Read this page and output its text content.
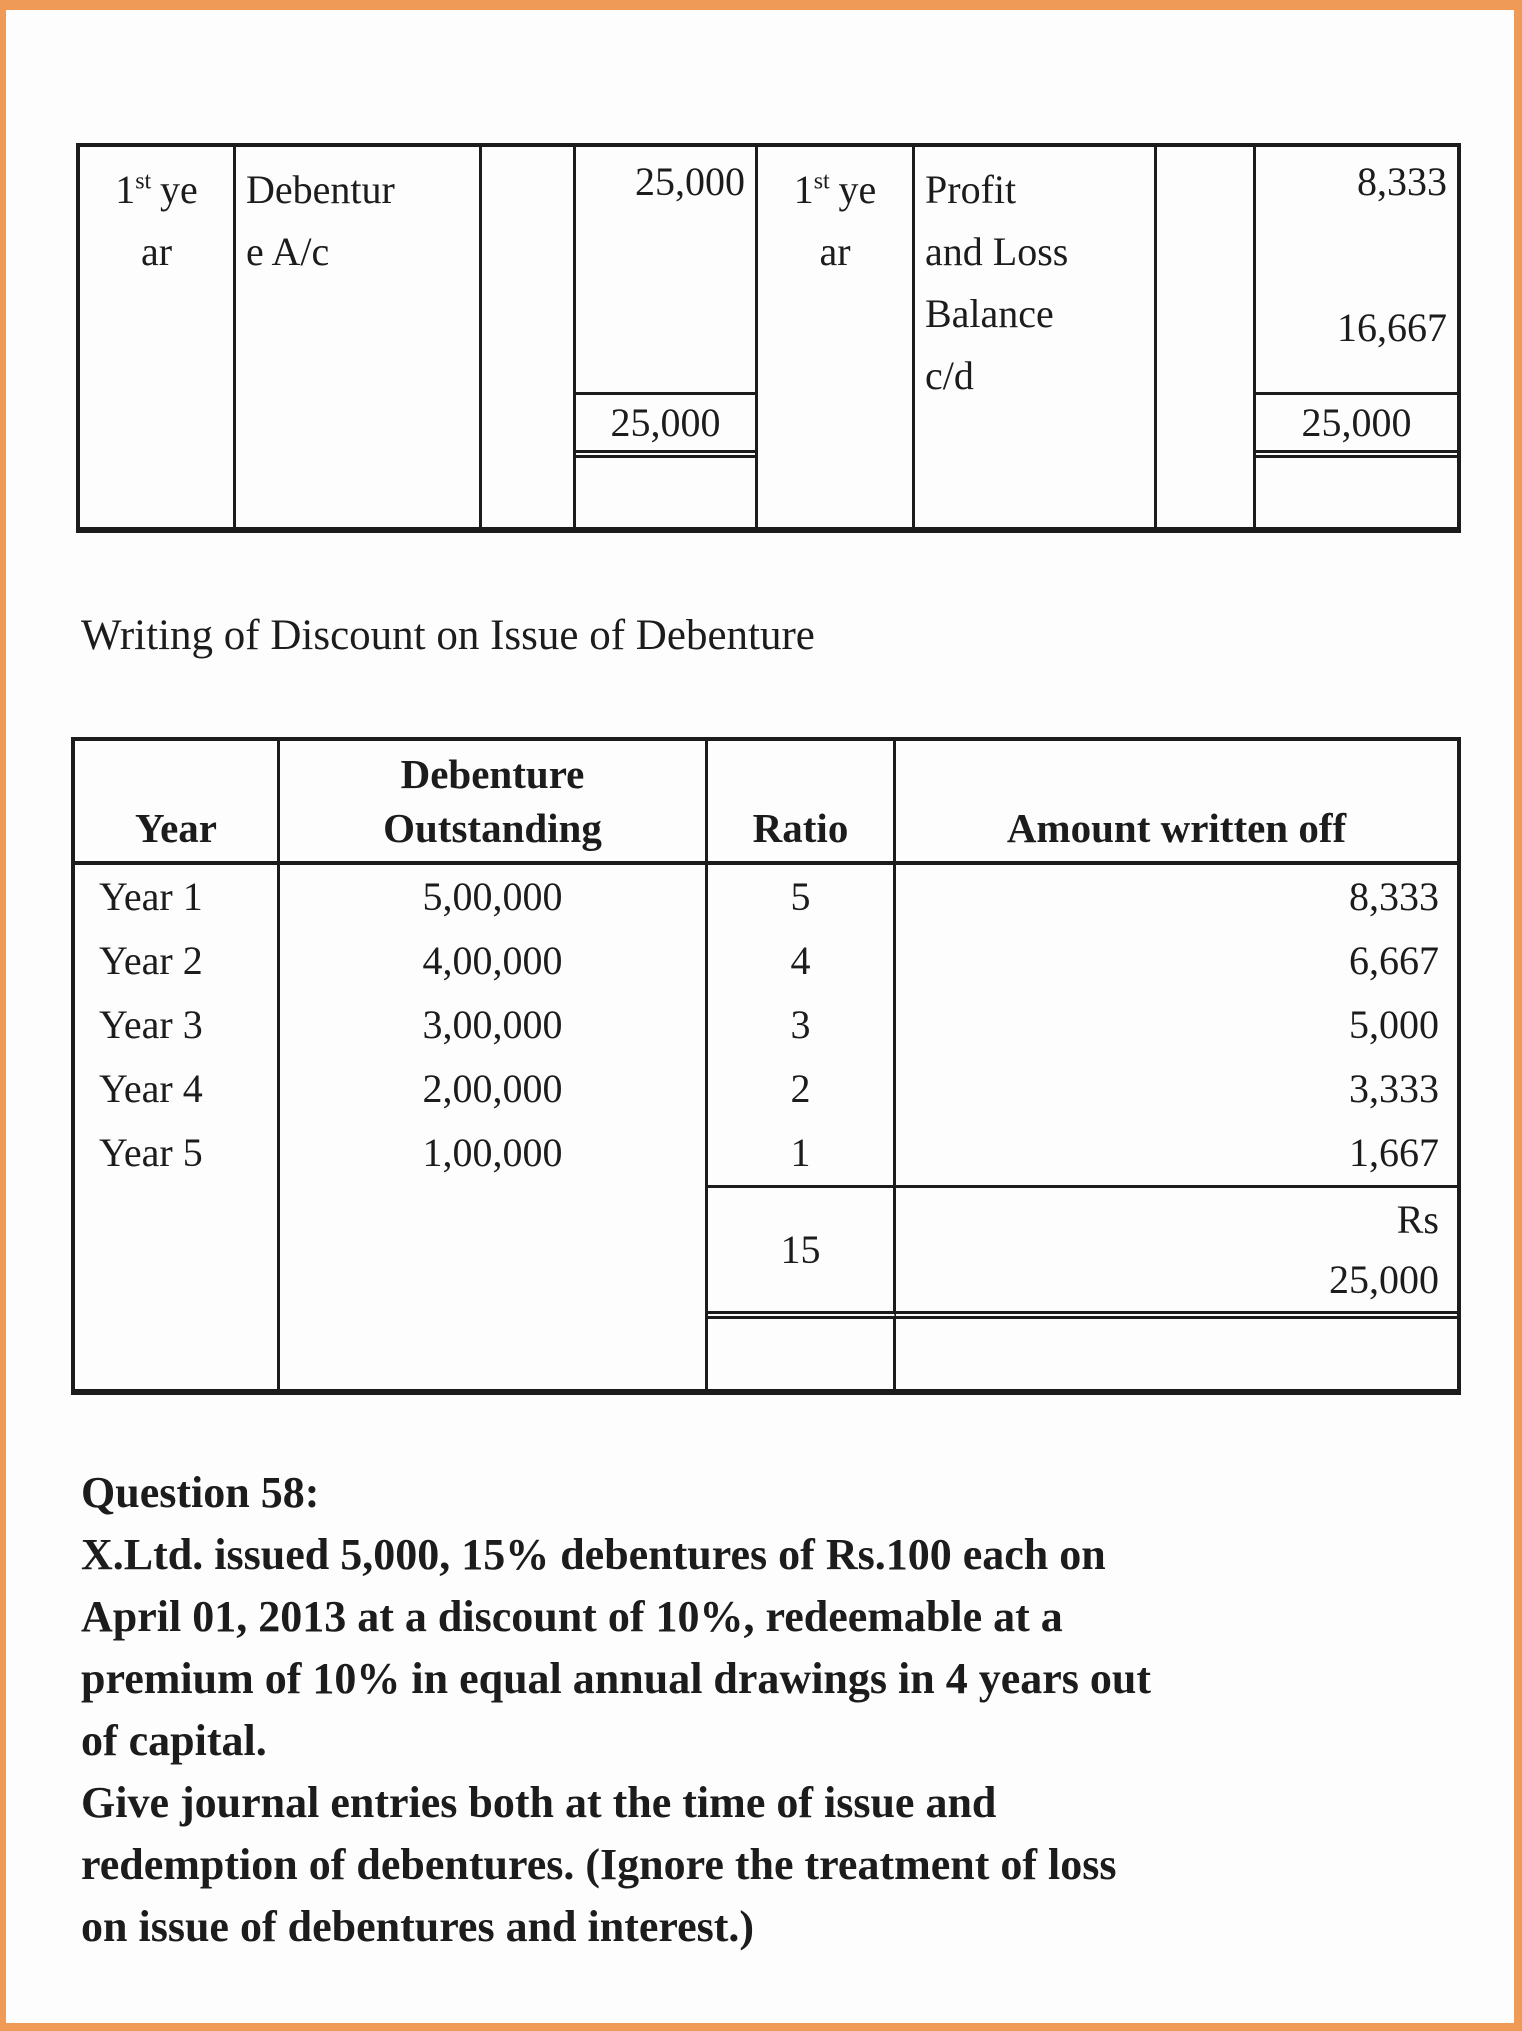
1st ye
ar
Debentur
e A/c
25,000
25,000
1st ye
ar
Profit
and Loss
Balance
c/d
8,333
16,667
25,000
Writing of Discount on Issue of Debenture
Year
Debenture
Outstanding	Ratio	Amount written off
Year 1
Year 2
Year 3
Year 4
Year 5
5,00,000
4,00,000
3,00,000
2,00,000
1,00,000
5
4
3
2
1
8,333
6,667
5,000
3,333
1,667
15
Rs
25,000
Question 58:
X.Ltd. issued 5,000, 15% debentures of Rs.100 each on
April 01, 2013 at a discount of 10%, redeemable at a
premium of 10% in equal annual drawings in 4 years out
of capital.
Give journal entries both at the time of issue and
redemption of debentures. (Ignore the treatment of loss
on issue of debentures and interest.)
